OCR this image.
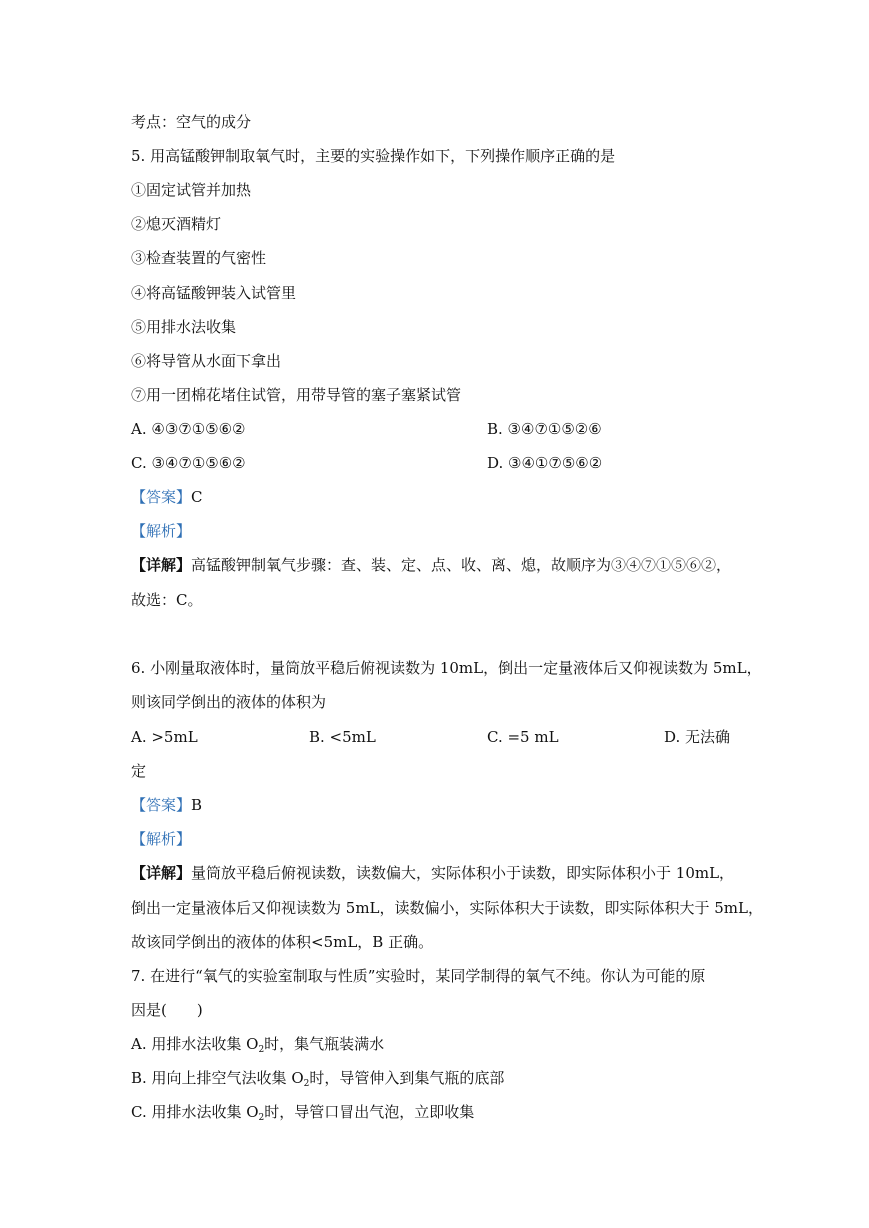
考点：空气的成分
5. 用高锰酸钾制取氧气时，主要的实验操作如下，下列操作顺序正确的是
①固定试管并加热
②熄灭酒精灯
③检查装置的气密性
④将高锰酸钾装入试管里
⑤用排水法收集
⑥将导管从水面下拿出
⑦用一团棉花堵住试管，用带导管的塞子塞紧试管
A. ④③⑦①⑤⑥②	B. ③④⑦①⑤②⑥
C. ③④⑦①⑤⑥②	D. ③④①⑦⑤⑥②
【答案】C
【解析】
【详解】高锰酸钾制氧气步骤：查、装、定、点、收、离、熄，故顺序为③④⑦①⑤⑥②，
故选：C。
6. 小刚量取液体时，量筒放平稳后俯视读数为 10mL，倒出一定量液体后又仰视读数为 5mL，
则该同学倒出的液体的体积为
A. >5mL	B. <5mL	C. =5 mL	D. 无法确
定
【答案】B
【解析】
【详解】量筒放平稳后俯视读数，读数偏大，实际体积小于读数，即实际体积小于 10mL，
倒出一定量液体后又仰视读数为 5mL，读数偏小，实际体积大于读数，即实际体积大于 5mL，
故该同学倒出的液体的体积<5mL，B 正确。
7. 在进行“氧气的实验室制取与性质”实验时，某同学制得的氧气不纯。你认为可能的原
因是(　　)
A. 用排水法收集 $O_2$时，集气瓶装满水
B. 用向上排空气法收集 $O_2$时，导管伸入到集气瓶的底部
C. 用排水法收集 $O_2$时，导管口冒出气泡，立即收集
